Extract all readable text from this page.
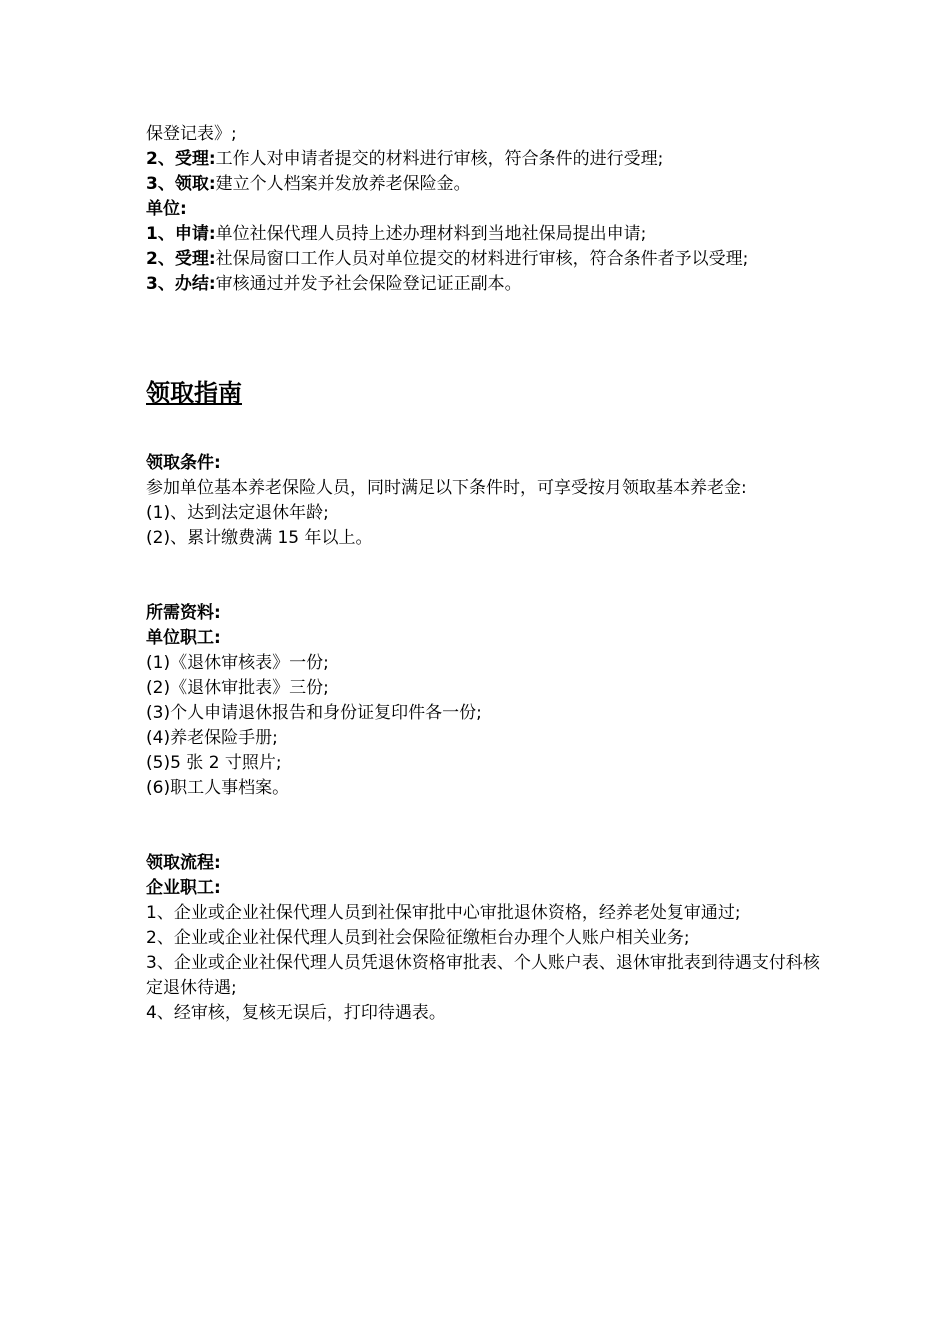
保登记表》;

2、受理:工作人对申请者提交的材料进行审核，符合条件的进行受理;

3、领取:建立个人档案并发放养老保险金。

单位:

1、申请:单位社保代理人员持上述办理材料到当地社保局提出申请;

2、受理:社保局窗口工作人员对单位提交的材料进行审核，符合条件者予以受理;

3、办结:审核通过并发予社会保险登记证正副本。

领取指南

领取条件:

参加单位基本养老保险人员，同时满足以下条件时，可享受按月领取基本养老金:

(1)、达到法定退休年龄;

(2)、累计缴费满 15 年以上。

所需资料:

单位职工:

(1)《退休审核表》一份;

(2)《退休审批表》三份;

(3)个人申请退休报告和身份证复印件各一份;

(4)养老保险手册;

(5)5 张 2 寸照片;

(6)职工人事档案。

领取流程:

企业职工:

1、企业或企业社保代理人员到社保审批中心审批退休资格，经养老处复审通过;

2、企业或企业社保代理人员到社会保险征缴柜台办理个人账户相关业务;

3、企业或企业社保代理人员凭退休资格审批表、个人账户表、退休审批表到待遇支付科核定退休待遇;

4、经审核，复核无误后，打印待遇表。
